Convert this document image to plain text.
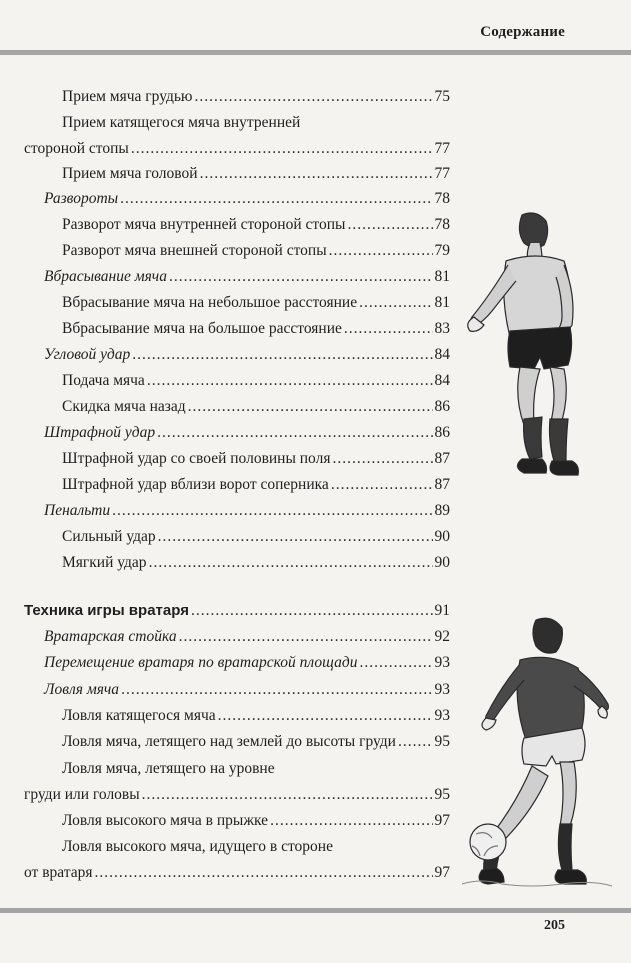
Содержание
Прием мяча грудью .....	75
Прием катящегося мяча внутренней
стороной стопы .....	77
Прием мяча головой .....	77
Развороты .....	78
Разворот мяча внутренней стороной стопы .....	78
Разворот мяча внешней стороной стопы .....	79
Вбрасывание мяча .....	81
Вбрасывание мяча на небольшое расстояние .....	81
Вбрасывание мяча на большое расстояние .....	83
Угловой удар .....	84
Подача мяча .....	84
Скидка мяча назад .....	86
Штрафной удар .....	86
Штрафной удар со своей половины поля .....	87
Штрафной удар вблизи ворот соперника .....	87
Пенальти .....	89
Сильный удар .....	90
Мягкий удар .....	90
Техника игры вратаря .....	91
Вратарская стойка .....	92
Перемещение вратаря по вратарской площади .....	93
Ловля мяча .....	93
Ловля катящегося мяча .....	93
Ловля мяча, летящего над землей до высоты груди ..... 95
Ловля мяча, летящего на уровне
груди или головы .....	95
Ловля высокого мяча в прыжке .....	97
Ловля высокого мяча, идущего в стороне
от вратаря .....	97
205
